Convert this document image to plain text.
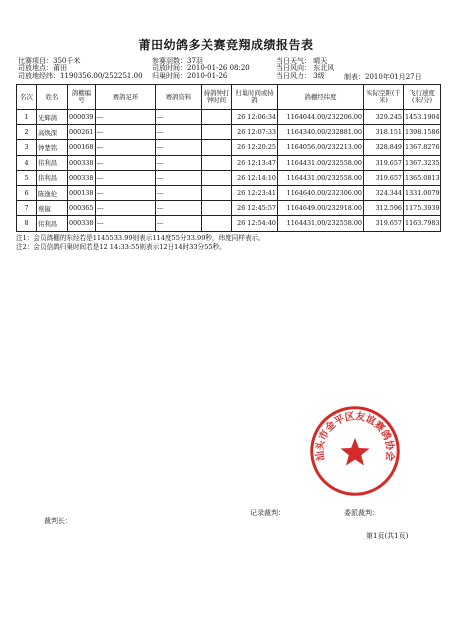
莆田幼鸽多关赛竞翔成绩报告表
比赛项目：350千米
司放地点：莆田
司放地经纬：1190356.00/252251.00
参赛羽数：37羽
司放时间：2010-01-26 08:20
归巢时间：2010-01-26
当日天气： 晴天
当日风向： 东北风
当日风力： 3级	制表：2010年01月27日
名次	姓名	鸽棚编号	赛鸽足环	赛鸽资料	持鸽钟打钟时间	归巢时间或持鸽	鸽棚经纬度	实际空距(千米)	飞行速度(米/分)
1	光辉鸽	000039	---	---		26 12:06:34	1164044.00/232206.00	329.245	1453.1904
2	高焕深	000261	---	---		26 12:07:33	1164340.00/232881.00	318.151	1398.1586
3	钟楚铭	000168	---	---		26 12:20:25	1164056.00/232213.00	328.849	1367.8276
4	伟利昌	000338	---	---		26 12:13:47	1164431.00/232558.00	319.657	1367.3235
5	伟利昌	000338	---	---		26 12:14:10	1164431.00/232558.00	319.657	1365.0813
6	陈逸伦	000138	---	---		26 12:23:41	1164640.00/232306.00	324.344	1331.0079
7	蔡俶	000365	---	---		26 12:45:57	1164649.00/232918.00	312.596	1175.3939
8	伟利昌	000338	---	---		26 12:54:40	1164431.00/232558.00	319.657	1163.7983
注1：会员鸽棚的东经若是1145533.99则表示114度55分33.99秒，纬度同样表示。
注2：会员信鸽归巢时间若是12 14:33:55则表示12日14时33分55秒。
汕头市金平区友谊赛鸽协会
裁判长：
记录裁判：	委派裁判：
第1页(共1页)
